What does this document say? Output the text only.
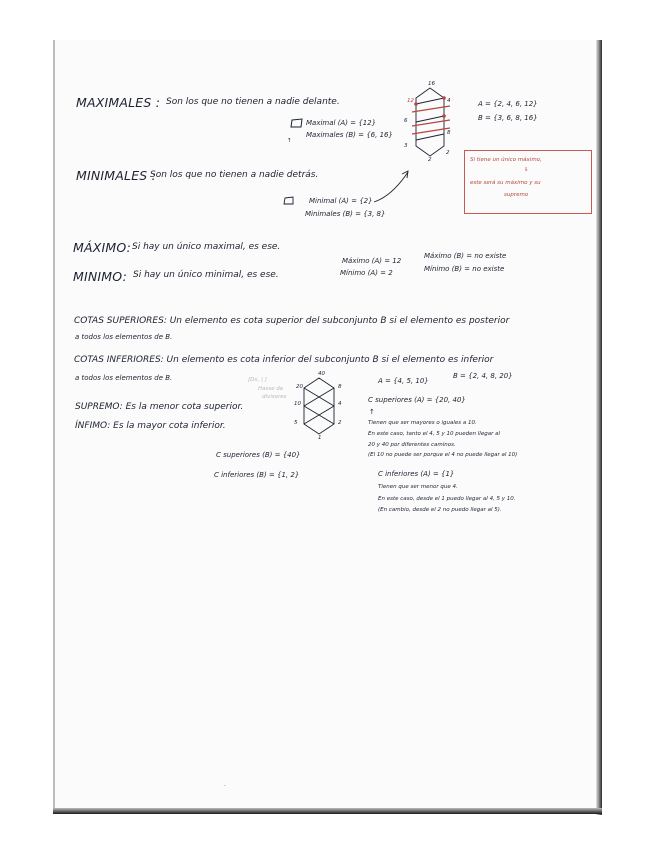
MAXIMALES : Son los que no tienen a nadie delante.
Maximal (A) = {12}
Maximales (B) = {6, 16}
↑
16
12	4
6
8
3
2
2
A = {2, 4, 6, 12}
B = {3, 6, 8, 16}
Si tiene un único máximo,
⇓
este será su máximo y su
supremo
MINIMALES :
Son los que no tienen a nadie detrás.
Minimal (A) = {2}
Minimales (B) = {3, 8}
MÁXIMO: Si hay un único maximal, es ese.
Máximo (A) = 12
Máximo (B) = no existe
MINIMO: Si hay un único minimal, es ese.	Mínimo (A) = 2	Mínimo (B) = no existe
COTAS SUPERIORES: Un elemento es cota superior del subconjunto B si el elemento es posterior
a todos los elementos de B.
COTAS INFERIORES: Un elemento es cota inferior del subconjunto B si el elemento es inferior
a todos los elementos de B.
SUPREMO: Es la menor cota superior.
ÍNFIMO: Es la mayor cota inferior.
[Dx, | ]
Hasse de
divisores
40
20	8
10	4
5	2
1
C superiores (B) = {40}
C inferiores (B) = {1, 2}
A = {4, 5, 10}
B = {2, 4, 8, 20}
C superiores (A) = {20, 40}
↑
Tienen que ser mayores o iguales a 10.
En este caso, tanto el 4, 5 y 10 pueden llegar al
20 y 40 por diferentes caminos.
(El 10 no puede ser porque el 4 no puede llegar al 10)
C inferiores (A) = {1}
Tienen que ser menor que 4.
En este caso, desde el 1 puedo llegar al 4, 5 y 10.
(En cambio, desde el 2 no puedo llegar al 5).
·
